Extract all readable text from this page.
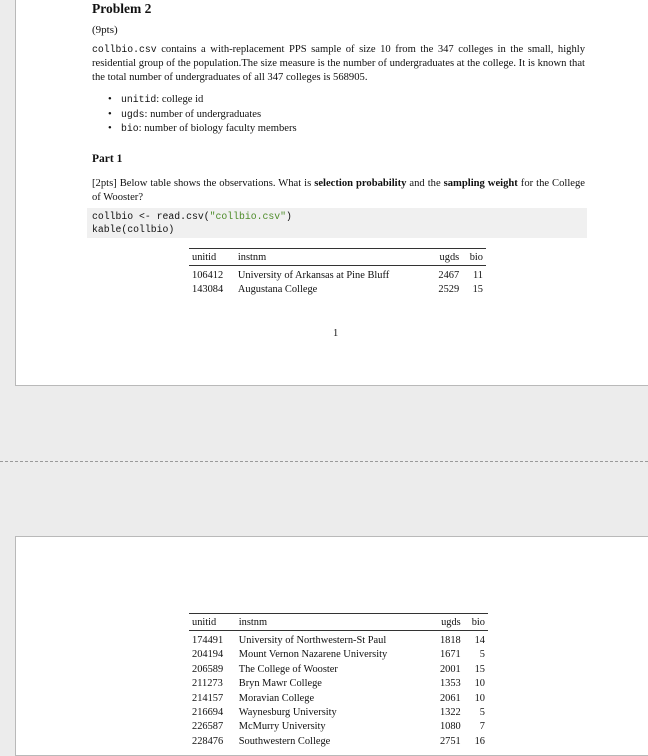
Problem 2
(9pts)
collbio.csv contains a with-replacement PPS sample of size 10 from the 347 colleges in the small, highly residential group of the population.The size measure is the number of undergraduates at the college. It is known that the total number of undergraduates of all 347 colleges is 568905.
• unitid: college id
• ugds: number of undergraduates
• bio: number of biology faculty members
Part 1
[2pts] Below table shows the observations. What is selection probability and the sampling weight for the College of Wooster?
collbio <- read.csv("collbio.csv")
kable(collbio)
unitid	instnm	ugds	bio
106412	University of Arkansas at Pine Bluff	2467	11
143084	Augustana College	2529	15
1
unitid	instnm	ugds	bio
174491	University of Northwestern-St Paul	1818	14
204194	Mount Vernon Nazarene University	1671	5
206589	The College of Wooster	2001	15
211273	Bryn Mawr College	1353	10
214157	Moravian College	2061	10
216694	Waynesburg University	1322	5
226587	McMurry University	1080	7
228476	Southwestern College	2751	16
